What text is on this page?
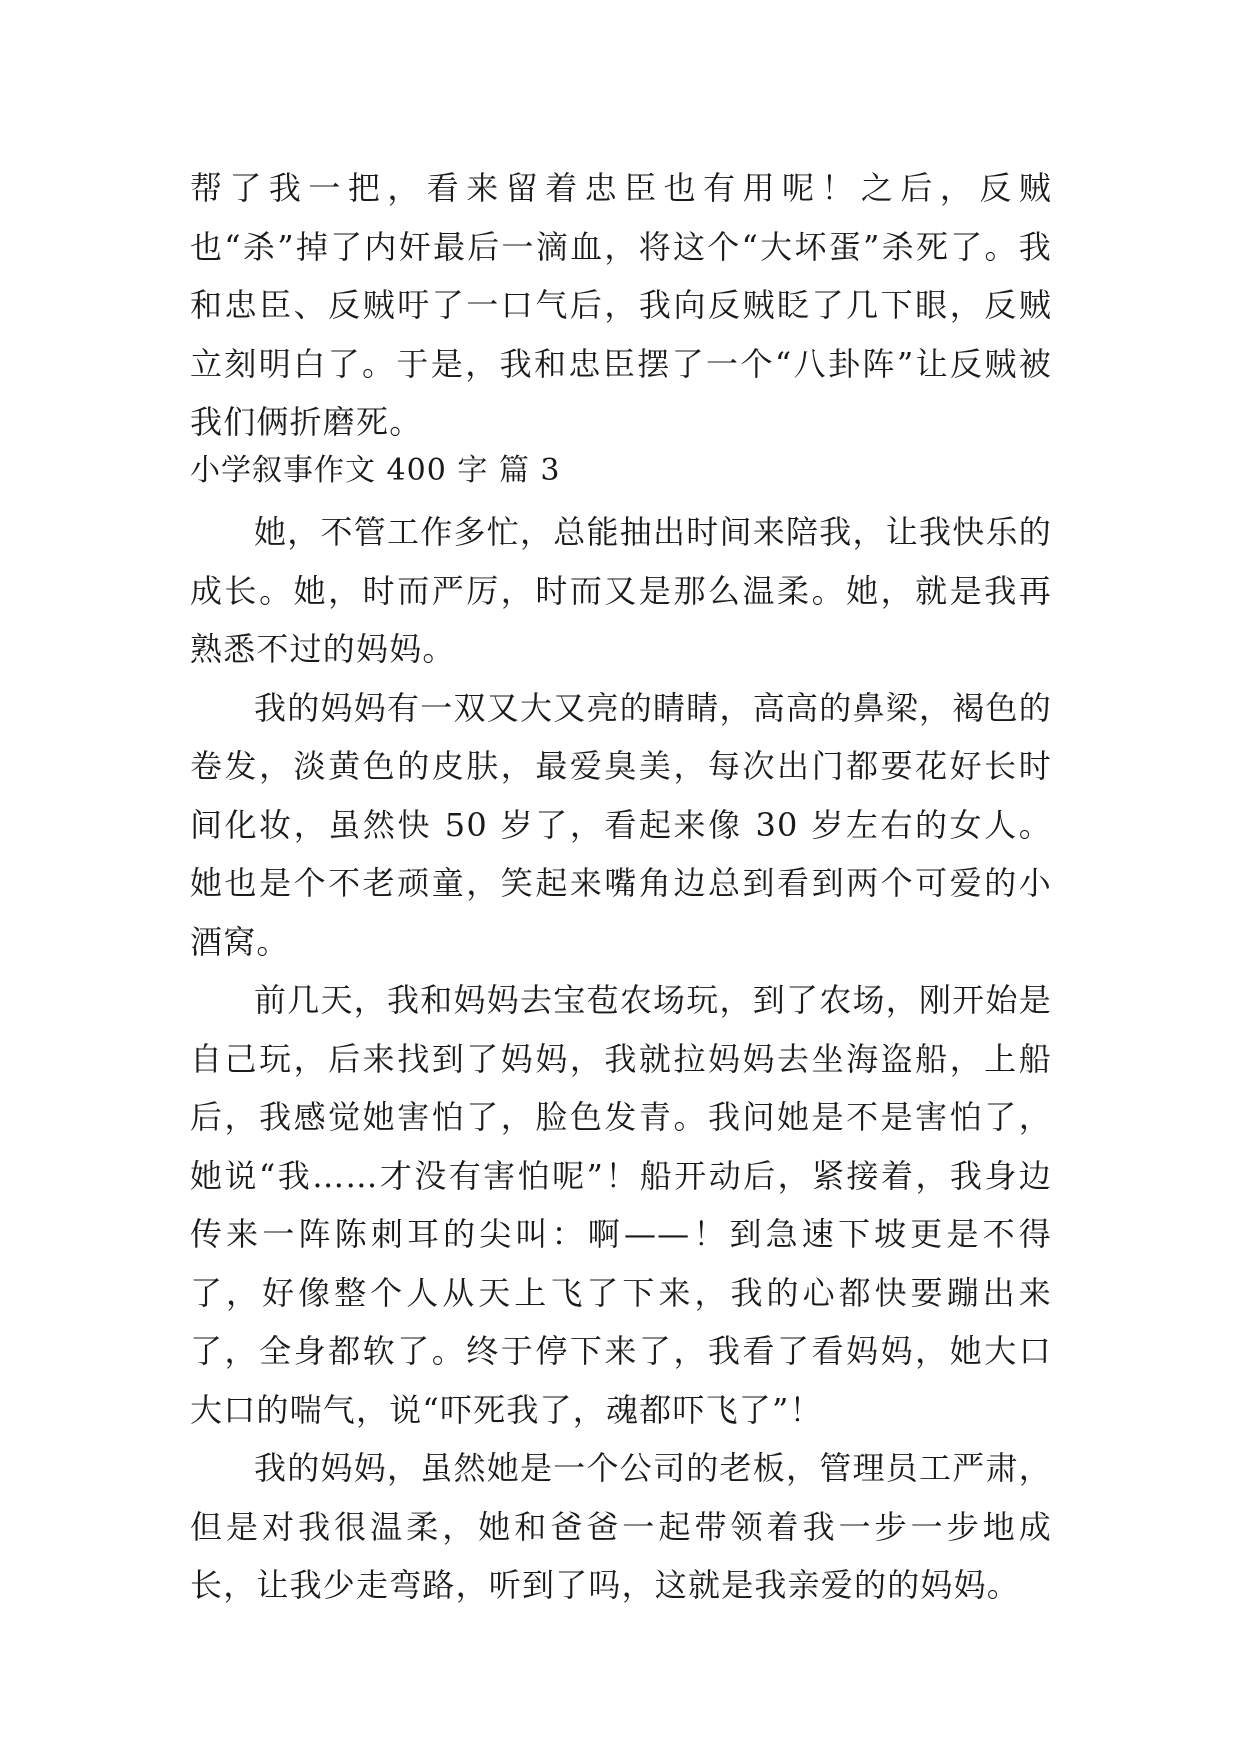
帮了我一把，看来留着忠臣也有用呢！之后，反贼也“杀”掉了内奸最后一滴血，将这个“大坏蛋”杀死了。我和忠臣、反贼吁了一口气后，我向反贼眨了几下眼，反贼立刻明白了。于是，我和忠臣摆了一个“八卦阵”让反贼被我们俩折磨死。

小学叙事作文 400 字 篇 3

她，不管工作多忙，总能抽出时间来陪我，让我快乐的成长。她，时而严厉，时而又是那么温柔。她，就是我再熟悉不过的妈妈。

我的妈妈有一双又大又亮的睛睛，高高的鼻梁，褐色的卷发，淡黄色的皮肤，最爱臭美，每次出门都要花好长时间化妆，虽然快 50 岁了，看起来像 30 岁左右的女人。她也是个不老顽童，笑起来嘴角边总到看到两个可爱的小酒窝。

前几天，我和妈妈去宝苞农场玩，到了农场，刚开始是自己玩，后来找到了妈妈，我就拉妈妈去坐海盗船，上船后，我感觉她害怕了，脸色发青。我问她是不是害怕了，她说“我……才没有害怕呢”！船开动后，紧接着，我身边传来一阵陈刺耳的尖叫：啊——！到急速下坡更是不得了，好像整个人从天上飞了下来，我的心都快要蹦出来了，全身都软了。终于停下来了，我看了看妈妈，她大口大口的喘气，说“吓死我了，魂都吓飞了”！

我的妈妈，虽然她是一个公司的老板，管理员工严肃，但是对我很温柔，她和爸爸一起带领着我一步一步地成长，让我少走弯路，听到了吗，这就是我亲爱的的妈妈。
